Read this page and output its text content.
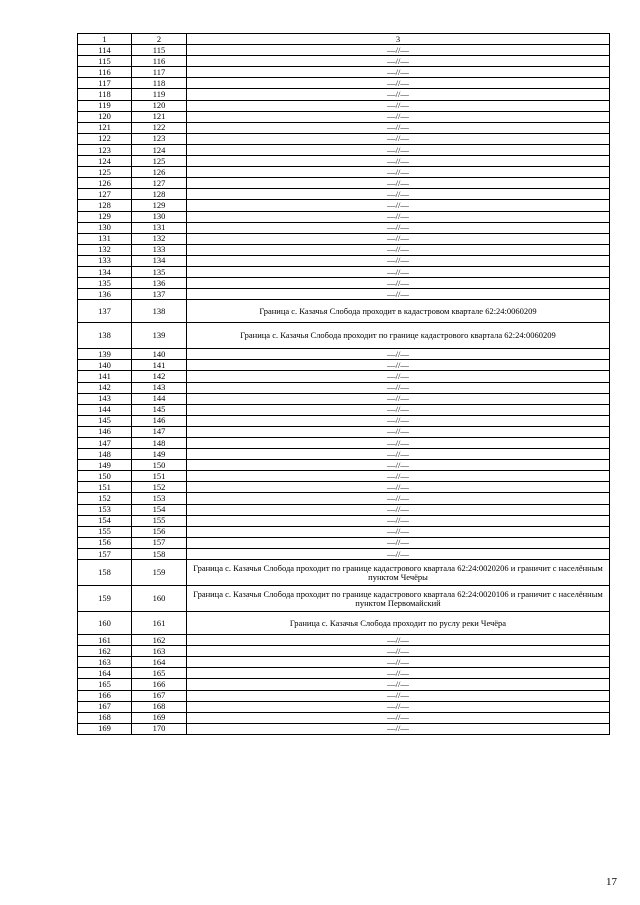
1	2	3
114	115	—//—
115	116	—//—
116	117	—//—
117	118	—//—
118	119	—//—
119	120	—//—
120	121	—//—
121	122	—//—
122	123	—//—
123	124	—//—
124	125	—//—
125	126	—//—
126	127	—//—
127	128	—//—
128	129	—//—
129	130	—//—
130	131	—//—
131	132	—//—
132	133	—//—
133	134	—//—
134	135	—//—
135	136	—//—
136	137	—//—
137	138	Граница с. Казачья Слобода проходит в кадастровом квартале 62:24:0060209
138	139	Граница с. Казачья Слобода проходит по границе кадастрового квартала 62:24:0060209
139	140	—//—
140	141	—//—
141	142	—//—
142	143	—//—
143	144	—//—
144	145	—//—
145	146	—//—
146	147	—//—
147	148	—//—
148	149	—//—
149	150	—//—
150	151	—//—
151	152	—//—
152	153	—//—
153	154	—//—
154	155	—//—
155	156	—//—
156	157	—//—
157	158	—//—
158	159	Граница с. Казачья Слобода проходит по границе кадастрового квартала 62:24:0020206 и граничит с населённым пунктом Чечёры
159	160	Граница с. Казачья Слобода проходит по границе кадастрового квартала 62:24:0020106 и граничит с населённым пунктом Первомайский
160	161	Граница с. Казачья Слобода проходит по руслу реки Чечёра
161	162	—//—
162	163	—//—
163	164	—//—
164	165	—//—
165	166	—//—
166	167	—//—
167	168	—//—
168	169	—//—
169	170	—//—
17
